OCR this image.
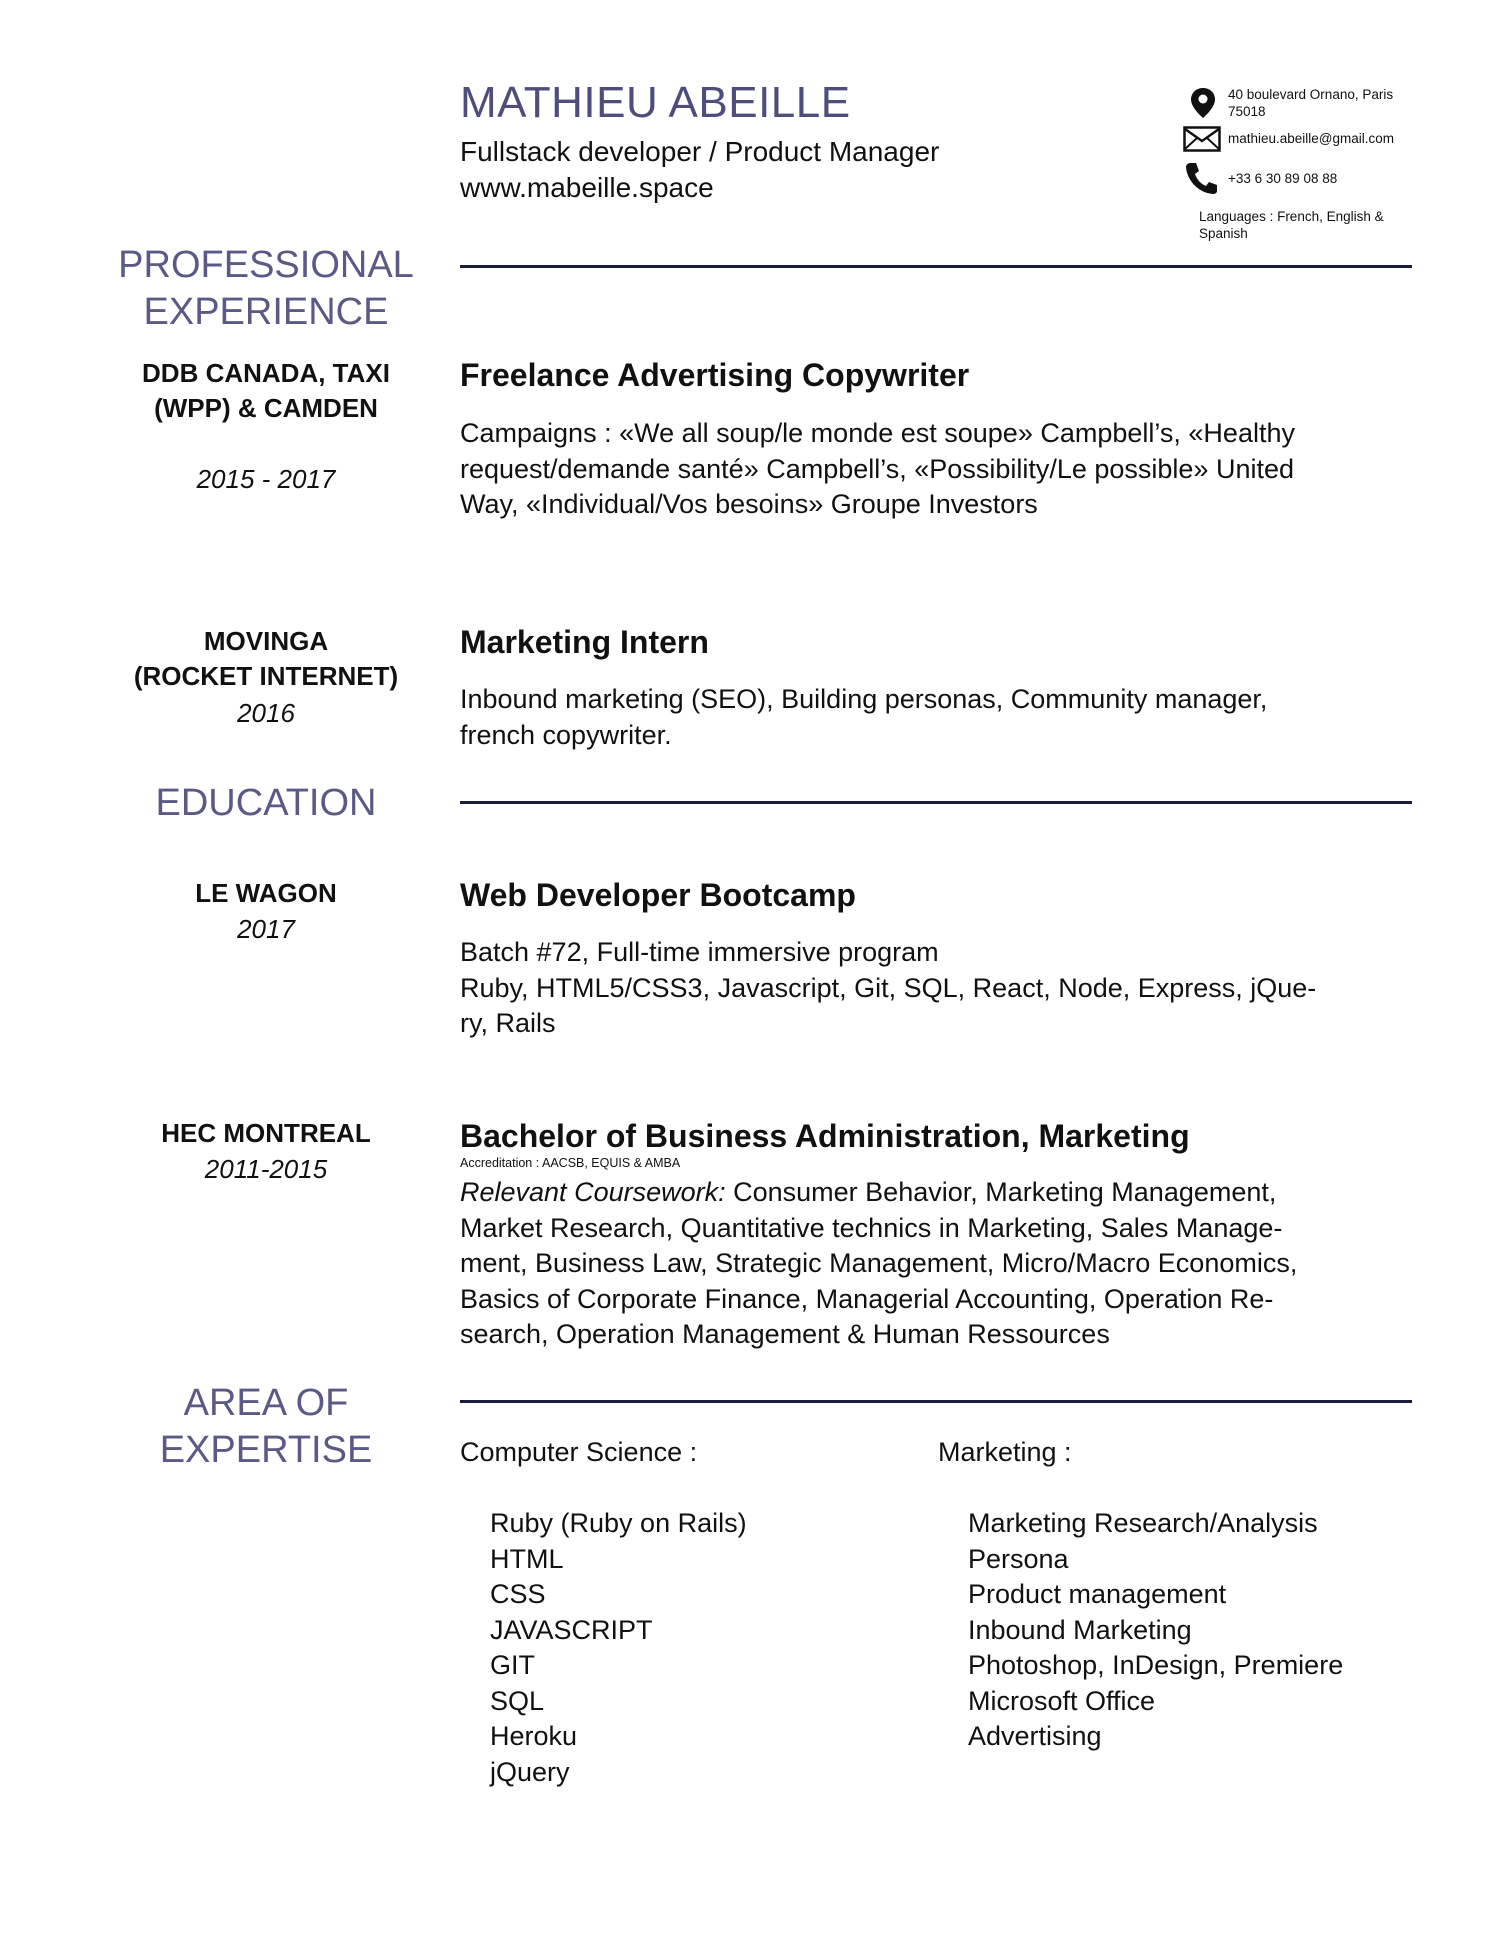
MATHIEU ABEILLE
Fullstack developer / Product Manager
www.mabeille.space
40 boulevard Ornano, Paris
75018
mathieu.abeille@gmail.com
+33 6 30 89 08 88
Languages : French, English &
Spanish
PROFESSIONAL
EXPERIENCE
DDB CANADA, TAXI
(WPP) & CAMDEN
2015 - 2017
Freelance Advertising Copywriter
Campaigns : «We all soup/le monde est soupe» Campbell’s, «Healthy
request/demande santé» Campbell’s, «Possibility/Le possible» United
Way, «Individual/Vos besoins» Groupe Investors
MOVINGA
(ROCKET INTERNET)
2016
Marketing Intern
Inbound marketing (SEO), Building personas, Community manager,
french copywriter.
EDUCATION
LE WAGON
2017
Web Developer Bootcamp
Batch #72, Full-time immersive program
Ruby, HTML5/CSS3, Javascript, Git, SQL, React, Node, Express, jQue-
ry, Rails
HEC MONTREAL
2011-2015
Bachelor of Business Administration, Marketing
Accreditation : AACSB, EQUIS & AMBA
Relevant Coursework: Consumer Behavior, Marketing Management,
Market Research, Quantitative technics in Marketing, Sales Manage-
ment, Business Law, Strategic Management, Micro/Macro Economics,
Basics of Corporate Finance, Managerial Accounting, Operation Re-
search, Operation Management & Human Ressources
AREA OF
EXPERTISE	Computer Science :
Ruby (Ruby on Rails)
HTML
CSS
JAVASCRIPT
GIT
SQL
Heroku
jQuery
Marketing :
Marketing Research/Analysis
Persona
Product management
Inbound Marketing
Photoshop, InDesign, Premiere
Microsoft Office
Advertising
